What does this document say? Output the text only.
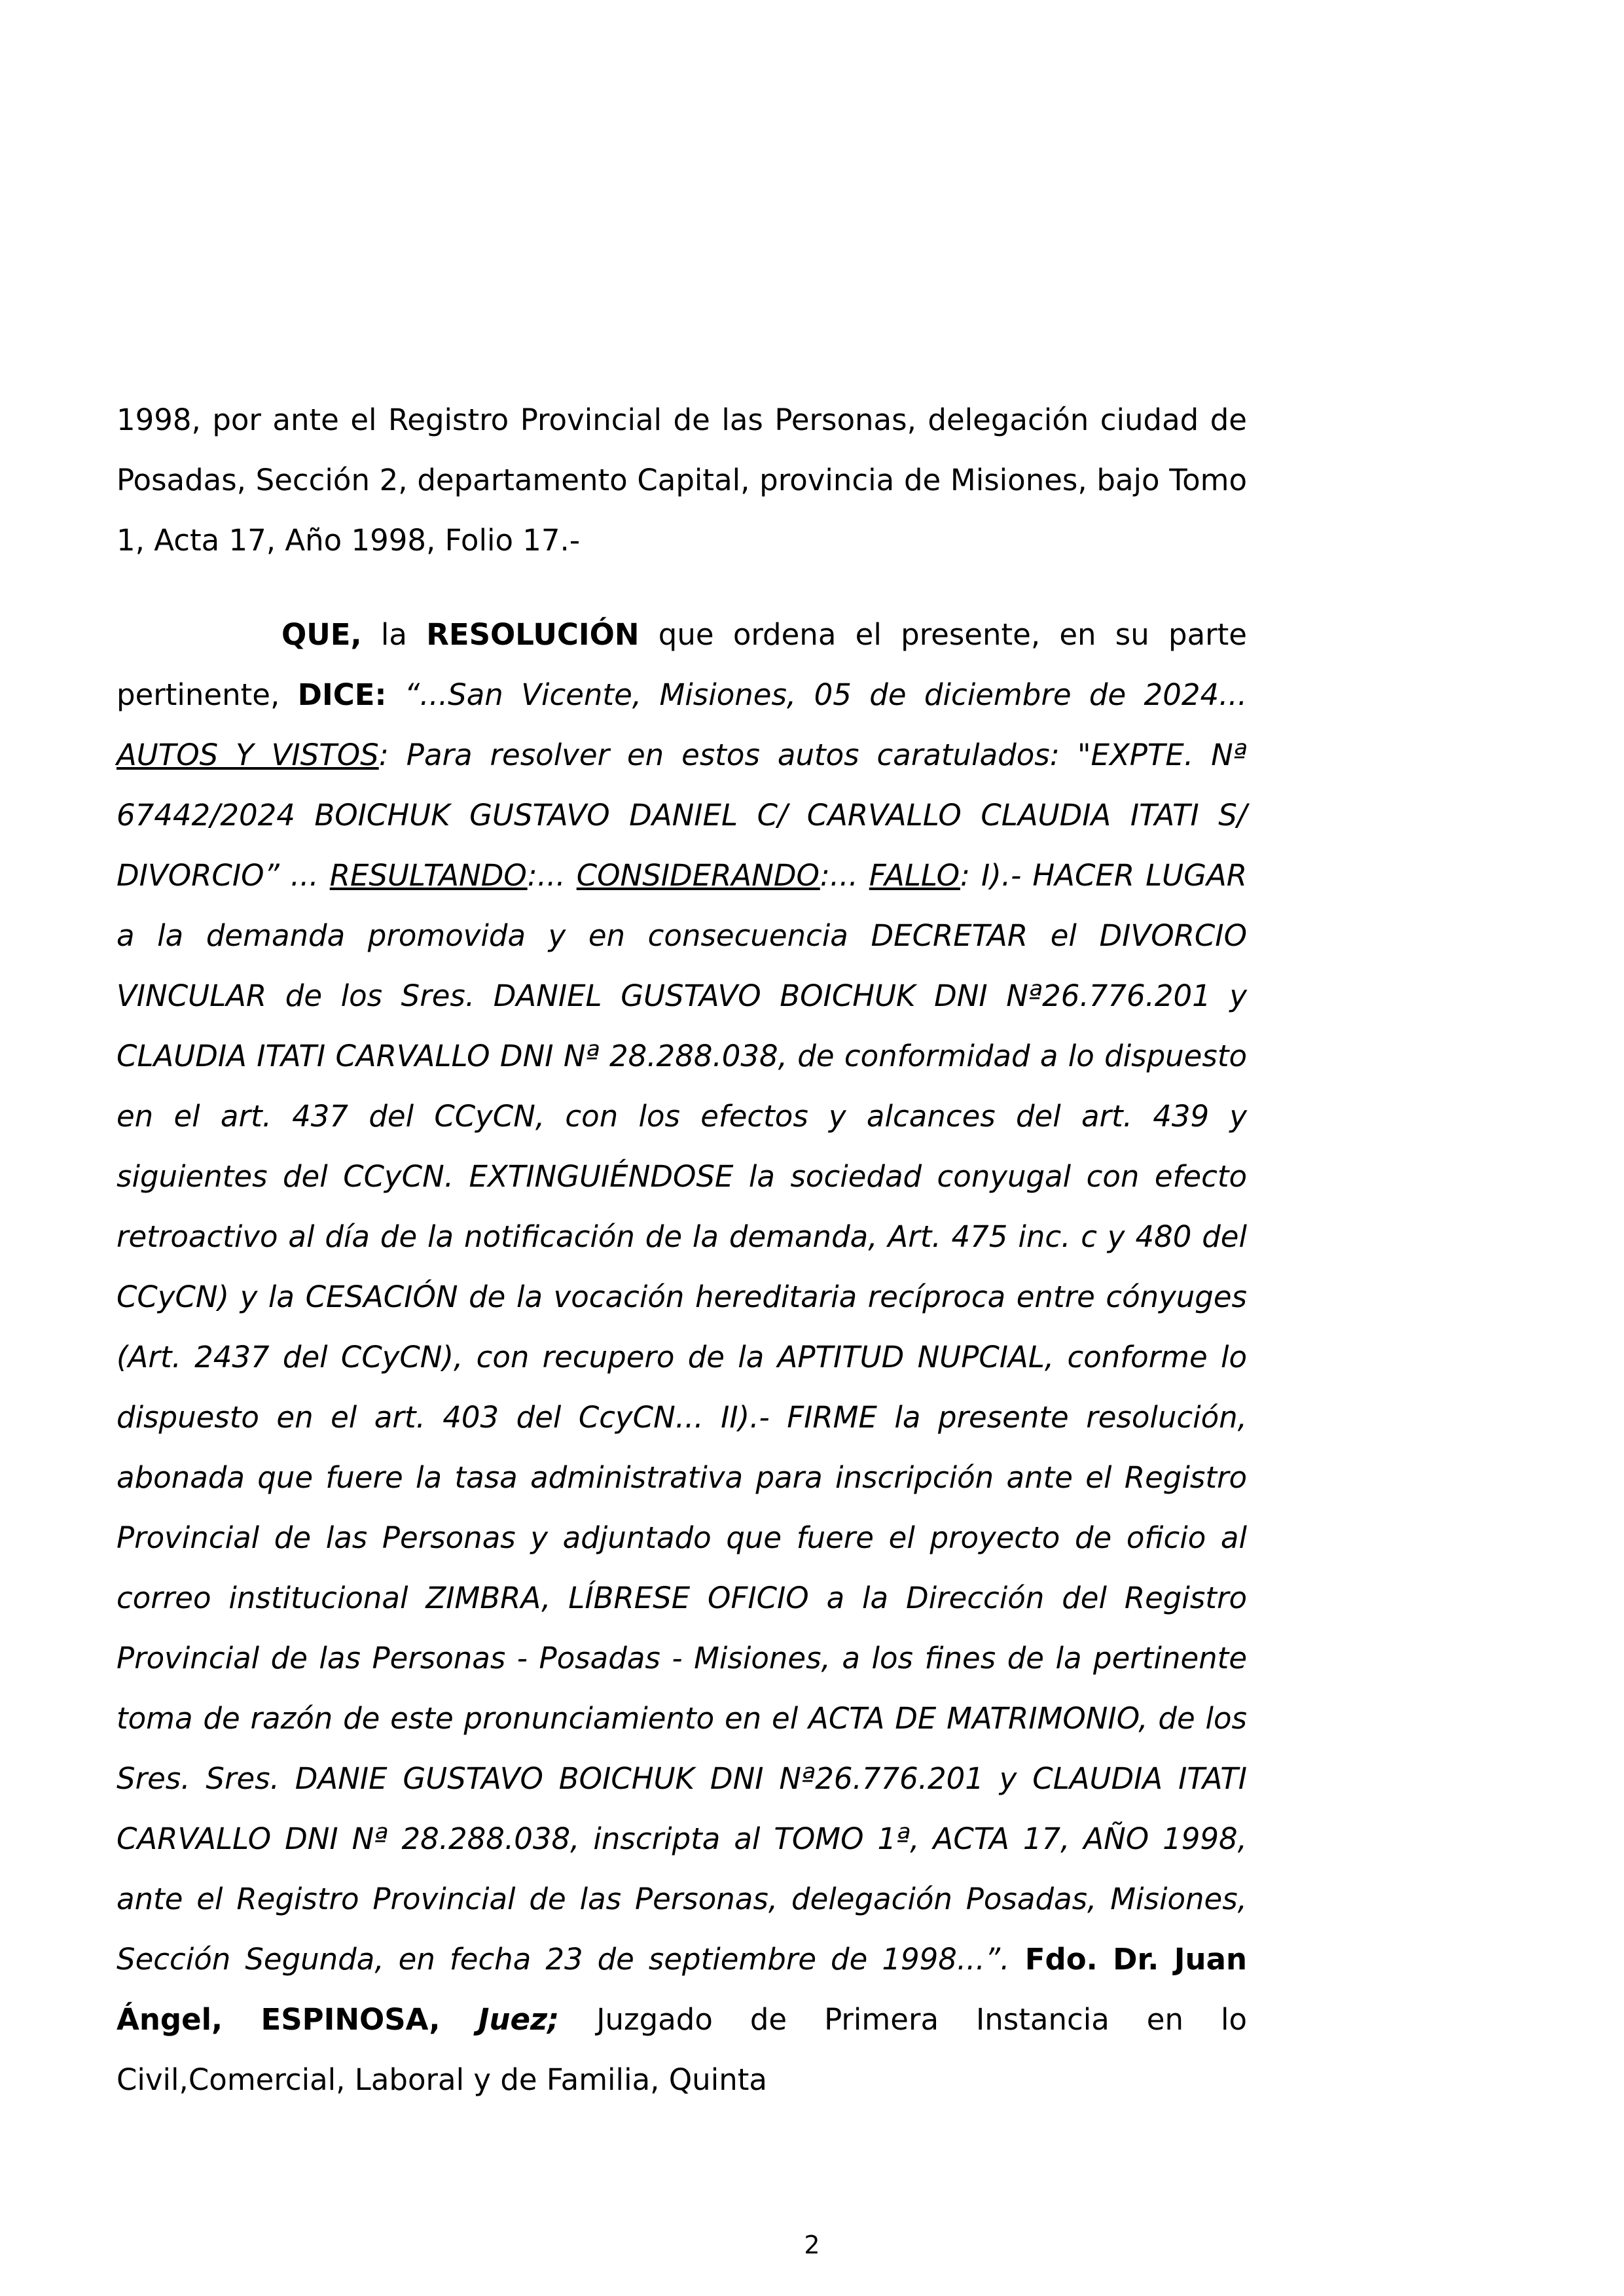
1998, por ante el Registro Provincial de las Personas, delegación ciudad de Posadas, Sección 2, departamento Capital, provincia de Misiones, bajo Tomo 1, Acta 17, Año 1998, Folio 17.-

QUE, la RESOLUCIÓN que ordena el presente, en su parte pertinente, DICE: “...San Vicente, Misiones, 05 de diciembre de 2024... AUTOS Y VISTOS: Para resolver en estos autos caratulados: "EXPTE. Nª 67442/2024 BOICHUK GUSTAVO DANIEL C/ CARVALLO CLAUDIA ITATI S/ DIVORCIO” ... RESULTANDO:... CONSIDERANDO:... FALLO: I).- HACER LUGAR a la demanda promovida y en consecuencia DECRETAR el DIVORCIO VINCULAR de los Sres. DANIEL GUSTAVO BOICHUK DNI Nª26.776.201 y CLAUDIA ITATI CARVALLO DNI Nª 28.288.038, de conformidad a lo dispuesto en el art. 437 del CCyCN, con los efectos y alcances del art. 439 y siguientes del CCyCN. EXTINGUIÉNDOSE la sociedad conyugal con efecto retroactivo al día de la notificación de la demanda, Art. 475 inc. c y 480 del CCyCN) y la CESACIÓN de la vocación hereditaria recíproca entre cónyuges (Art. 2437 del CCyCN), con recupero de la APTITUD NUPCIAL, conforme lo dispuesto en el art. 403 del CcyCN... II).- FIRME la presente resolución, abonada que fuere la tasa administrativa para inscripción ante el Registro Provincial de las Personas y adjuntado que fuere el proyecto de oficio al correo institucional ZIMBRA, LÍBRESE OFICIO a la Dirección del Registro Provincial de las Personas - Posadas - Misiones, a los fines de la pertinente toma de razón de este pronunciamiento en el ACTA DE MATRIMONIO, de los Sres. Sres. DANIE GUSTAVO BOICHUK DNI Nª26.776.201 y CLAUDIA ITATI CARVALLO DNI Nª 28.288.038, inscripta al TOMO 1ª, ACTA 17, AÑO 1998, ante el Registro Provincial de las Personas, delegación Posadas, Misiones, Sección Segunda, en fecha 23 de septiembre de 1998...”. Fdo. Dr. Juan Ángel, ESPINOSA, Juez; Juzgado de Primera Instancia en lo Civil,Comercial, Laboral y de Familia, Quinta

2
